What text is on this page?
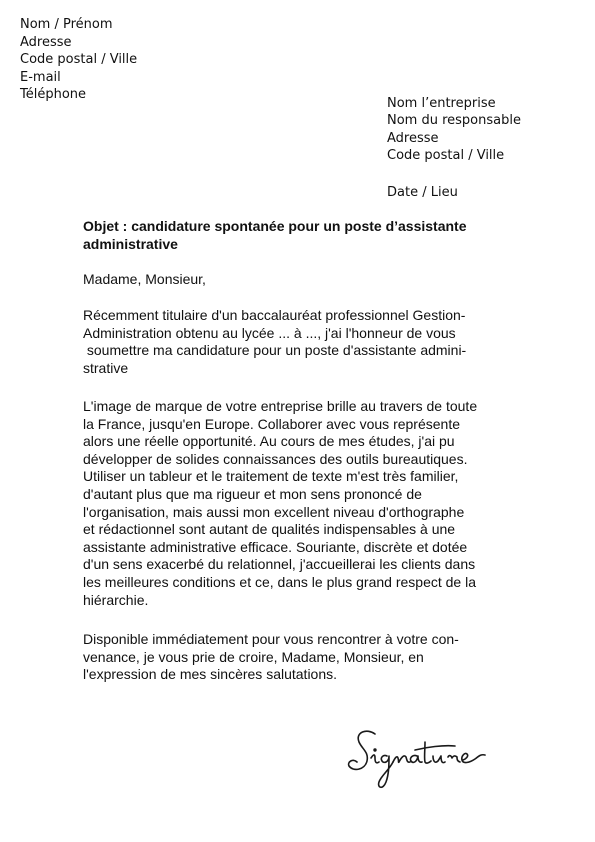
Nom / Prénom
Adresse
Code postal / Ville
E-mail
Téléphone
Nom l’entreprise
Nom du responsable
Adresse
Code postal / Ville
Date / Lieu
Objet : candidature spontanée pour un poste d’assistante
administrative
Madame, Monsieur,
Récemment titulaire d'un baccalauréat professionnel Gestion-
Administration obtenu au lycée ... à ..., j'ai l'honneur de vous
soumettre ma candidature pour un poste d'assistante admini-
strative
L'image de marque de votre entreprise brille au travers de toute
la France, jusqu'en Europe. Collaborer avec vous représente
alors une réelle opportunité. Au cours de mes études, j'ai pu
développer de solides connaissances des outils bureautiques.
Utiliser un tableur et le traitement de texte m'est très familier,
d'autant plus que ma rigueur et mon sens prononcé de
l'organisation, mais aussi mon excellent niveau d'orthographe
et rédactionnel sont autant de qualités indispensables à une
assistante administrative efficace. Souriante, discrète et dotée
d'un sens exacerbé du relationnel, j'accueillerai les clients dans
les meilleures conditions et ce, dans le plus grand respect de la
hiérarchie.
Disponible immédiatement pour vous rencontrer à votre con-
venance, je vous prie de croire, Madame, Monsieur, en
l'expression de mes sincères salutations.
